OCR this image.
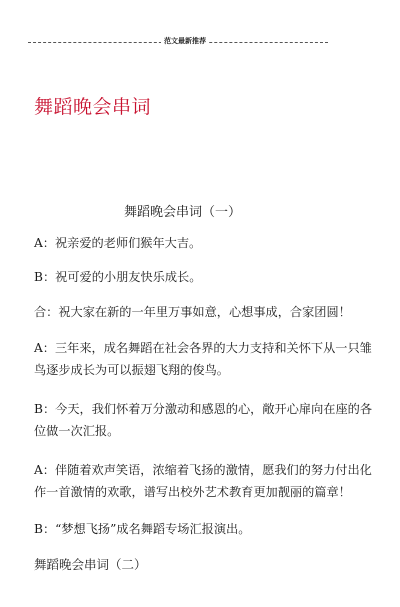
范文最新推荐
舞蹈晚会串词
舞蹈晚会串词（一）

A：祝亲爱的老师们猴年大吉。

B：祝可爱的小朋友快乐成长。

合：祝大家在新的一年里万事如意，心想事成，合家团圆！

A：三年来，成名舞蹈在社会各界的大力支持和关怀下从一只雏鸟逐步成长为可以振翅飞翔的俊鸟。

B：今天，我们怀着万分激动和感恩的心，敞开心扉向在座的各位做一次汇报。

A：伴随着欢声笑语，浓缩着飞扬的激情，愿我们的努力付出化作一首激情的欢歌，谱写出校外艺术教育更加靓丽的篇章！

B：“梦想飞扬”成名舞蹈专场汇报演出。

舞蹈晚会串词（二）
